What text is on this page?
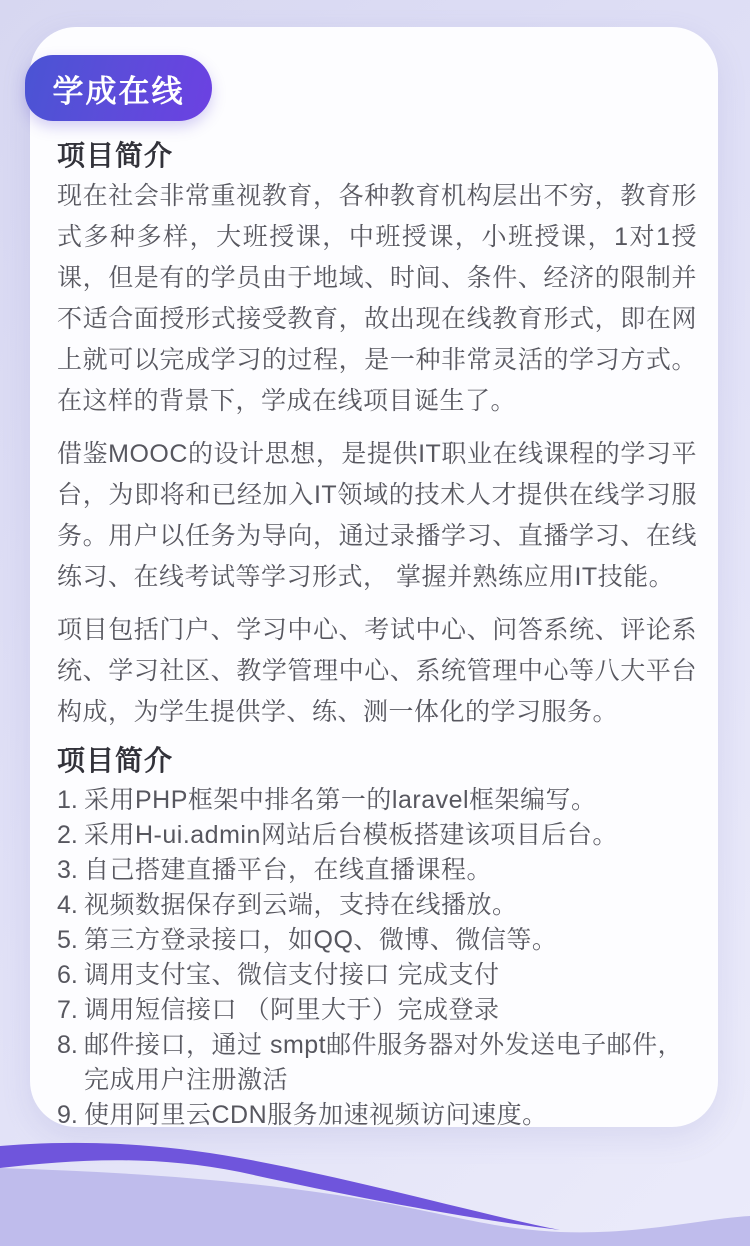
学成在线
项目简介

现在社会非常重视教育，各种教育机构层出不穷，教育形式多种多样，大班授课，中班授课，小班授课，1对1授课，但是有的学员由于地域、时间、条件、经济的限制并不适合面授形式接受教育，故出现在线教育形式，即在网上就可以完成学习的过程，是一种非常灵活的学习方式。在这样的背景下，学成在线项目诞生了。

借鉴MOOC的设计思想，是提供IT职业在线课程的学习平台，为即将和已经加入IT领域的技术人才提供在线学习服务。用户以任务为导向，通过录播学习、直播学习、在线练习、在线考试等学习形式， 掌握并熟练应用IT技能。

项目包括门户、学习中心、考试中心、问答系统、评论系统、学习社区、教学管理中心、系统管理中心等八大平台构成，为学生提供学、练、测一体化的学习服务。

项目简介
1. 采用PHP框架中排名第一的laravel框架编写。
2. 采用H-ui.admin网站后台模板搭建该项目后台。
3. 自己搭建直播平台，在线直播课程。
4. 视频数据保存到云端，支持在线播放。
5. 第三方登录接口，如QQ、微博、微信等。
6. 调用支付宝、微信支付接口 完成支付
7. 调用短信接口 （阿里大于）完成登录
8. 邮件接口，通过 smpt邮件服务器对外发送电子邮件，完成用户注册激活
9. 使用阿里云CDN服务加速视频访问速度。
